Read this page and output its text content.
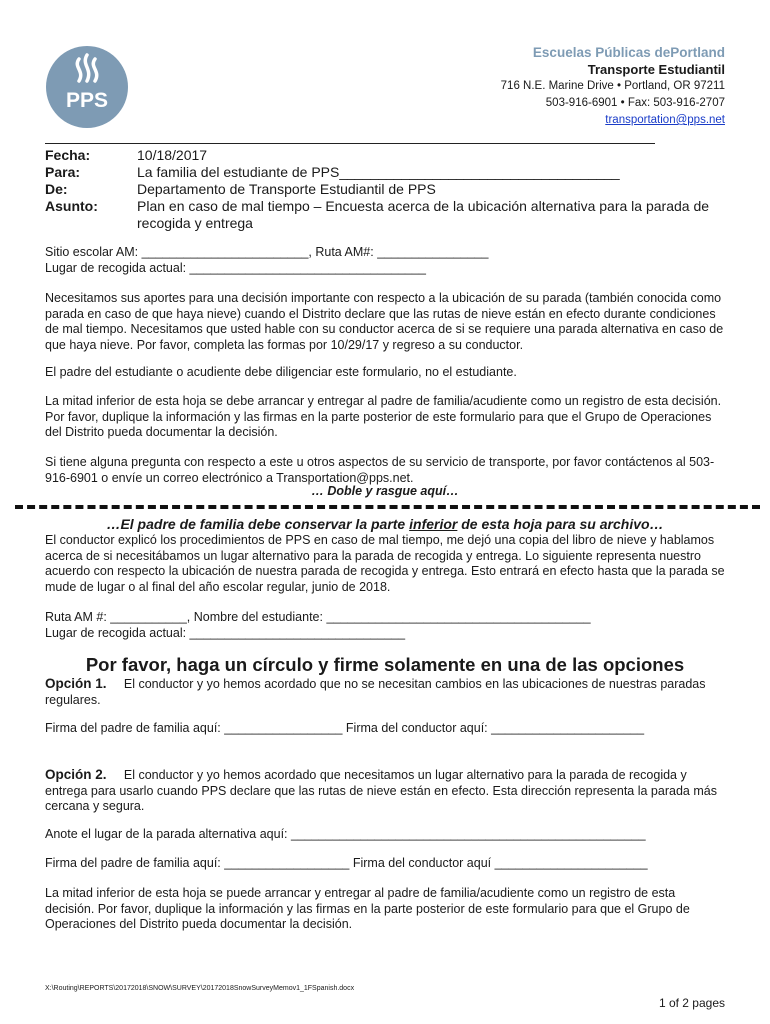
PPS
Escuelas Públicas dePortland
Transporte Estudiantil
716 N.E. Marine Drive • Portland, OR 97211
503-916-6901 • Fax: 503-916-2707
transportation@pps.net
Fecha:	10/18/2017
Para:	La familia del estudiante de PPS____________________________________
De:	Departamento de Transporte Estudiantil de PPS
Asunto:	Plan en caso de mal tiempo – Encuesta acerca de la ubicación alternativa para la parada de recogida y entrega
Sitio escolar AM: ________________________, Ruta AM#: ________________
Lugar de recogida actual: __________________________________
Necesitamos sus aportes para una decisión importante con respecto a la ubicación de su parada (también conocida como parada en caso de que haya nieve) cuando el Distrito declare que las rutas de nieve están en efecto durante condiciones de mal tiempo. Necesitamos que usted hable con su conductor acerca de si se requiere una parada alternativa en caso de que haya nieve. Por favor, completa las formas por 10/29/17 y regreso a su conductor.
El padre del estudiante o acudiente debe diligenciar este formulario, no el estudiante.
La mitad inferior de esta hoja se debe arrancar y entregar al padre de familia/acudiente como un registro de esta decisión. Por favor, duplique la información y las firmas en la parte posterior de este formulario para que el Grupo de Operaciones del Distrito pueda documentar la decisión.
Si tiene alguna pregunta con respecto a este u otros aspectos de su servicio de transporte, por favor contáctenos al 503-916-6901 o envíe un correo electrónico a Transportation@pps.net.
… Doble y rasgue aquí…
…El padre de familia debe conservar la parte inferior de esta hoja para su archivo…
El conductor explicó los procedimientos de PPS en caso de mal tiempo, me dejó una copia del libro de nieve y hablamos acerca de si necesitábamos un lugar alternativo para la parada de recogida y entrega. Lo siguiente representa nuestro acuerdo con respecto la ubicación de nuestra parada de recogida y entrega. Esto entrará en efecto hasta que la parada se mude de lugar o al final del año escolar regular, junio de 2018.
Ruta AM #: ___________, Nombre del estudiante: ______________________________________
Lugar de recogida actual: _______________________________
Por favor, haga un círculo y firme solamente en una de las opciones
Opción 1. El conductor y yo hemos acordado que no se necesitan cambios en las ubicaciones de nuestras paradas regulares.
Firma del padre de familia aquí: _________________ Firma del conductor aquí: ______________________
Opción 2. El conductor y yo hemos acordado que necesitamos un lugar alternativo para la parada de recogida y entrega para usarlo cuando PPS declare que las rutas de nieve están en efecto. Esta dirección representa la parada más cercana y segura.
Anote el lugar de la parada alternativa aquí: ___________________________________________________
Firma del padre de familia aquí: __________________ Firma del conductor aquí ______________________
La mitad inferior de esta hoja se puede arrancar y entregar al padre de familia/acudiente como un registro de esta decisión. Por favor, duplique la información y las firmas en la parte posterior de este formulario para que el Grupo de Operaciones del Distrito pueda documentar la decisión.
X:\Routing\REPORTS\20172018\SNOW\SURVEY\20172018SnowSurveyMemov1_1FSpanish.docx
1 of 2 pages
